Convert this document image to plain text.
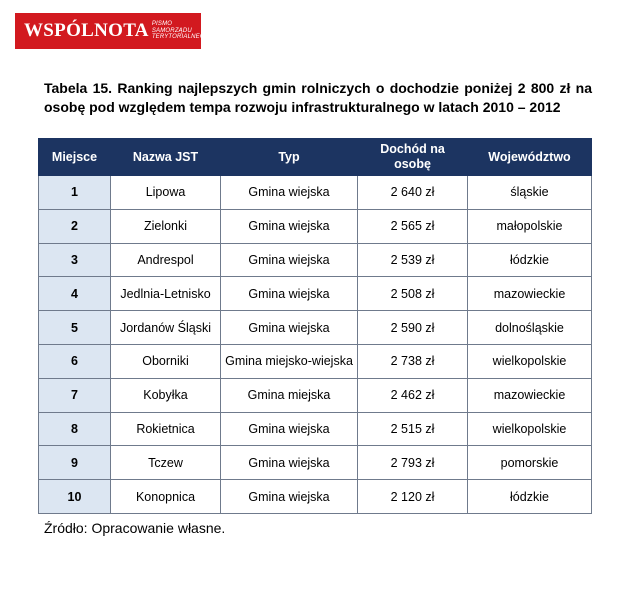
WSPÓLNOTA PISMO
SAMORZĄDU
TERYTORIALNEGO

Tabela 15. Ranking najlepszych gmin rolniczych o dochodzie poniżej 2 800 zł na osobę pod względem tempa rozwoju infrastrukturalnego w latach 2010 – 2012

Miejsce	Nazwa JST	Typ	Dochód na osobę	Województwo
1	Lipowa	Gmina wiejska	2 640 zł	śląskie
2	Zielonki	Gmina wiejska	2 565 zł	małopolskie
3	Andrespol	Gmina wiejska	2 539 zł	łódzkie
4	Jedlnia-Letnisko	Gmina wiejska	2 508 zł	mazowieckie
5	Jordanów Śląski	Gmina wiejska	2 590 zł	dolnośląskie
6	Oborniki	Gmina miejsko-wiejska	2 738 zł	wielkopolskie
7	Kobyłka	Gmina miejska	2 462 zł	mazowieckie
8	Rokietnica	Gmina wiejska	2 515 zł	wielkopolskie
9	Tczew	Gmina wiejska	2 793 zł	pomorskie
10	Konopnica	Gmina wiejska	2 120 zł	łódzkie
Źródło: Opracowanie własne.
